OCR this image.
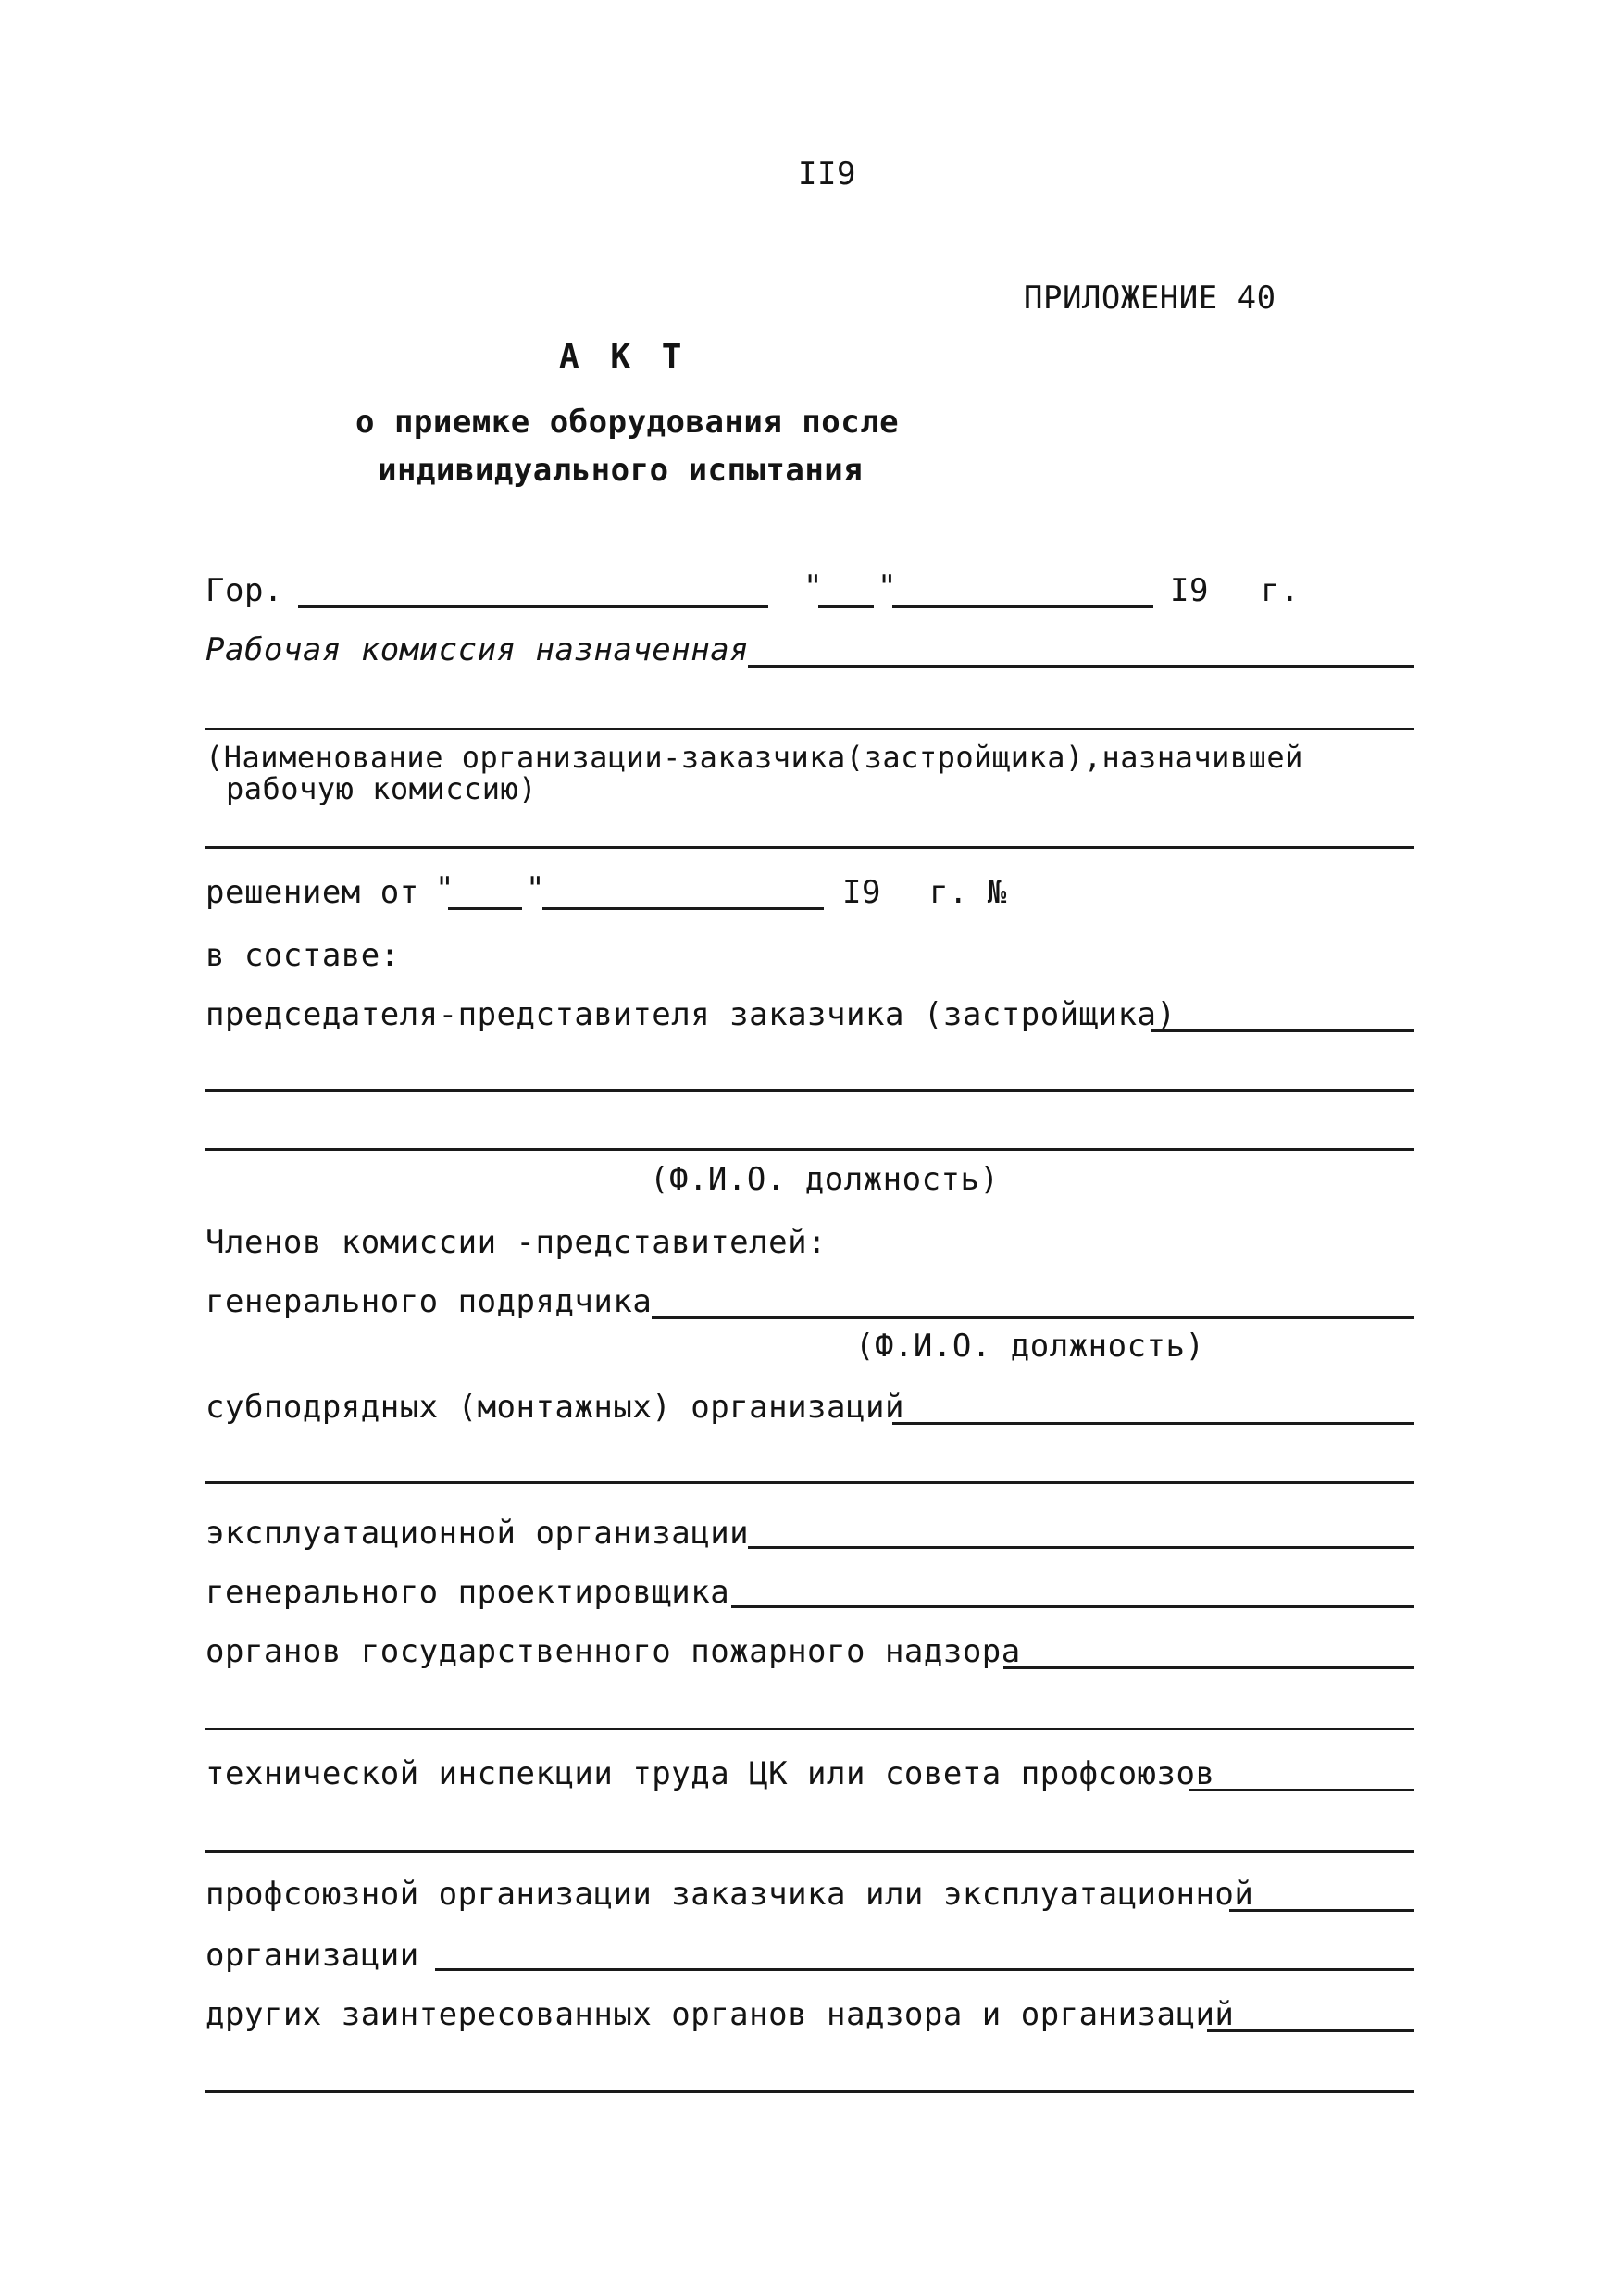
II9
ПРИЛОЖЕНИЕ 40
А К Т
о приемке оборудования после
индивидуального испытания
Гор.	" "	I9 г.
Рабочая комиссия назначенная
(Наименование организации-заказчика(застройщика),назначившей
рабочую комиссию)
решением от " "	I9 г. №
в составе:
председателя-представителя заказчика (застройщика)
(Ф.И.О. должность)
Членов комиссии -представителей:
генерального подрядчика
(Ф.И.О. должность)
субподрядных (монтажных) организаций
эксплуатационной организации
генерального проектировщика
органов государственного пожарного надзора
технической инспекции труда ЦК или совета профсоюзов
профсоюзной организации заказчика или эксплуатационной
организации
других заинтересованных органов надзора и организаций
